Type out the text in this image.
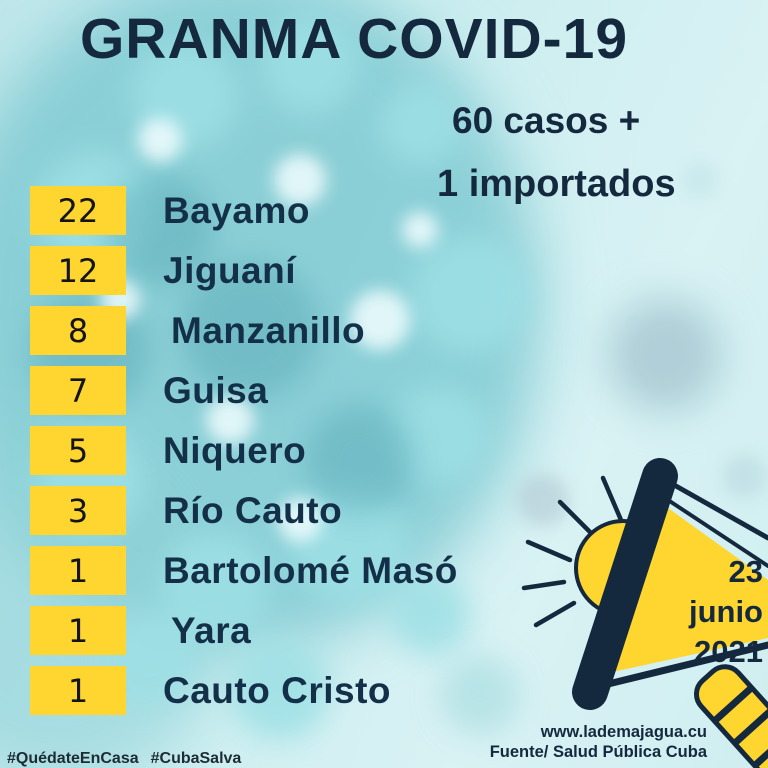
GRANMA COVID-19
60 casos +
1 importados
22 Bayamo
12 Jiguaní
8 Manzanillo
7 Guisa
5 Niquero
3 Río Cauto
1 Bartolomé Masó
1 Yara
1 Cauto Cristo
23
junio
2021
www.lademajagua.cu
Fuente/ Salud Pública Cuba
#QuédateEnCasa #CubaSalva
